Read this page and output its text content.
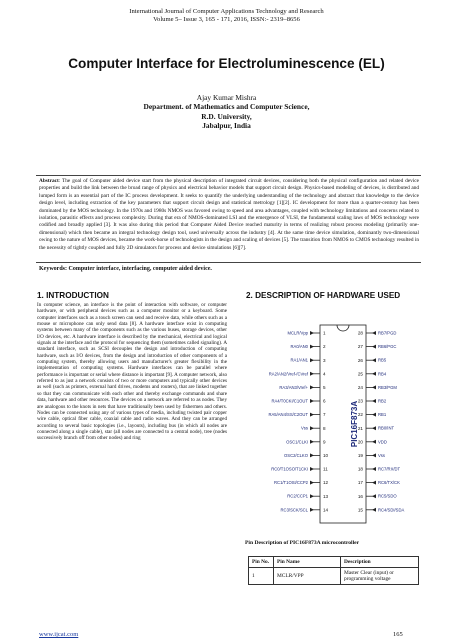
International Journal of Computer Applications Technology and Research
Volume 5– Issue 3, 165 - 171, 2016, ISSN:- 2319–8656
Computer Interface for Electroluminescence (EL)
Ajay Kumar Mishra
Department. of Mathematics and Computer Science,
R.D. University,
Jabalpur, India
Abstract: The goal of Computer aided device start from the physical description of integrated circuit devices, considering both the physical configuration and related device properties and build the link between the broad range of physics and electrical behavior models that support circuit design. Physics-based modeling of devices, is distributed and lumped form is an essential part of the IC process development. It seeks to quantify the underlying understanding of the technology and abstract that knowledge to the device design level, including extraction of the key parameters that support circuit design and statistical metrology [1][2]. IC development for more than a quarter-century has been dominated by the MOS technology. In the 1970s and 1980s NMOS was favored owing to speed and area advantages, coupled with technology limitations and concerns related to isolation, parasitic effects and process complexity. During that era of NMOS-dominated LSI and the emergence of VLSI, the fundamental scaling laws of MOS technology were codified and broadly applied [3]. It was also during this period that Computer Aided Device reached maturity in terms of realizing robust process modeling (primarily one-dimensional) which then became an integral technology design tool, used universally across the industry [4]. At the same time device simulation, dominantly two-dimensional owing to the nature of MOS devices, became the work-horse of technologists in the design and scaling of devices [5]. The transition from NMOS to CMOS technology resulted in the necessity of tightly coupled and fully 2D simulators for process and device simulations [6][7].
Keywords: Computer interface, interfacing, computer aided device.
1. INTRODUCTION
In computer science, an interface is the point of interaction with software, or computer hardware, or with peripheral devices such as a computer monitor or a keyboard. Some computer interfaces such as a touch screen can send and receive data, while others such as a mouse or microphone can only send data [8]. A hardware interface exist in computing systems between many of the components such as the various buses, storage devices, other I/O devices, etc. A hardware interface is described by the mechanical, electrical and logical signals at the interface and the protocol for sequencing them (sometimes called signaling). A standard interface, such as SCSI decouples the design and introduction of computing hardware, such as I/O devices, from the design and introduction of other components of a computing system, thereby allowing users and manufacturer's greater flexibility in the implementation of computing systems. Hardware interfaces can be parallel where performance is important or serial where distance is important [9]. A computer network, also referred to as just a network consists of two or more computers and typically other devices as well (such as printers, external hard drives, modems and routers), that are linked together so that they can communicate with each other and thereby exchange commands and share data, hardware and other resources. The devices on a network are referred to as nodes. They are analogous to the knots in nets that have traditionally been used by fishermen and others. Nodes can be connected using any of various types of media, including twisted pair copper wire cable, optical fiber cable, coaxial cable and radio waves. And they can be arranged according to several basic topologies (i.e., layouts), including bus (in which all nodes are connected along a single cable), star (all nodes are connected to a central node), tree (nodes successively branch off from other nodes) and ring
2. DESCRIPTION OF HARDWARE USED
PIC16F873A
MCLR/Vpp	1
RA0/AN0	2
RA1/AN1	3
RA2/AN2/Vref-/CVref	4
RA3/AN3/Vref+	5
RA4/T0CKI/C1OUT	6
RA5/AN4/SS/C2OUT	7
Vss	8
OSC1/CLKI	9
OSC2/CLKO	10
RC0/T1OSO/T1CKI	11
RC1/T1OSI/CCP2	12
RC2/CCP1	13
RC3/SCK/SCL	14
RB7/PGD
28
RB6/PGC
27
RB5
26
RB4
25
RB3/PGM
24
RB2
23
RB1
22
RB0/INT
21
VDD
20
Vss
19
RC7/RX/DT
18
RC6/TX/CK
17
RC5/SDO
16
RC4/SDI/SDA
15
Pin Description of PIC16F873A microcontroller
Pin No.	Pin Name	Description
1	MCLR/VPP	Master Clear (input) or
programming voltage
www.ijcat.com	165
